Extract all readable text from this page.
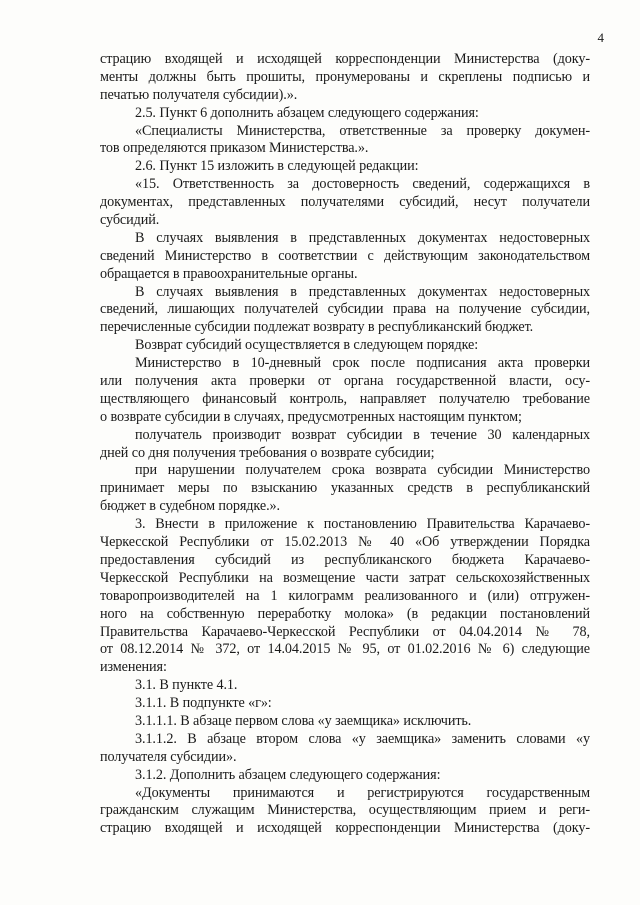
4
страцию входящей и исходящей корреспонденции Министерства (доку-
менты должны быть прошиты, пронумерованы и скреплены подписью и
печатью получателя субсидии).».
2.5. Пункт 6 дополнить абзацем следующего содержания:
«Специалисты Министерства, ответственные за проверку докумен-
тов определяются приказом Министерства.».
2.6. Пункт 15 изложить в следующей редакции:
«15. Ответственность за достоверность сведений, содержащихся в
документах, представленных получателями субсидий, несут получатели
субсидий.
В случаях выявления в представленных документах недостоверных
сведений Министерство в соответствии с действующим законодательством
обращается в правоохранительные органы.
В случаях выявления в представленных документах недостоверных
сведений, лишающих получателей субсидии права на получение субсидии,
перечисленные субсидии подлежат возврату в республиканский бюджет.
Возврат субсидий осуществляется в следующем порядке:
Министерство в 10-дневный срок после подписания акта проверки
или получения акта проверки от органа государственной власти, осу-
ществляющего финансовый контроль, направляет получателю требование
о возврате субсидии в случаях, предусмотренных настоящим пунктом;
получатель производит возврат субсидии в течение 30 календарных
дней со дня получения требования о возврате субсидии;
при нарушении получателем срока возврата субсидии Министерство
принимает меры по взысканию указанных средств в республиканский
бюджет в судебном порядке.».
3. Внести в приложение к постановлению Правительства Карачаево-
Черкесской Республики от 15.02.2013 № 40 «Об утверждении Порядка
предоставления субсидий из республиканского бюджета Карачаево-
Черкесской Республики на возмещение части затрат сельскохозяйственных
товаропроизводителей на 1 килограмм реализованного и (или) отгружен-
ного на собственную переработку молока» (в редакции постановлений
Правительства Карачаево-Черкесской Республики от 04.04.2014 № 78,
от 08.12.2014 № 372, от 14.04.2015 № 95, от 01.02.2016 № 6) следующие
изменения:
3.1. В пункте 4.1.
3.1.1. В подпункте «г»:
3.1.1.1. В абзаце первом слова «у заемщика» исключить.
3.1.1.2. В абзаце втором слова «у заемщика» заменить словами «у
получателя субсидии».
3.1.2. Дополнить абзацем следующего содержания:
«Документы принимаются и регистрируются государственным
гражданским служащим Министерства, осуществляющим прием и реги-
страцию входящей и исходящей корреспонденции Министерства (доку-
